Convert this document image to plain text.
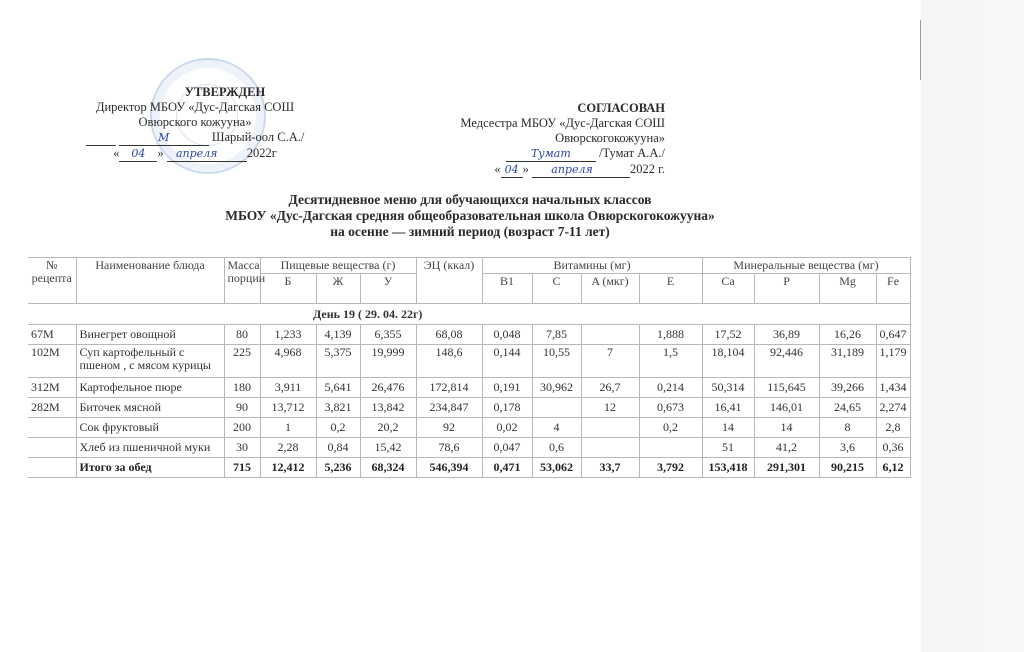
УТВЕРЖДЕН
Директор МБОУ «Дус-Дагская СОШ
Овюрского кожууна»
М	Шарый-оол С.А./
« 04 » апреля 2022г
СОГЛАСОВАН
Медсестра МБОУ «Дус-Дагская СОШ
Овюрскогокожууна»
Тумат /Тумат А.А./
« 04 » апреля	2022 г.
Десятидневное меню для обучающихся начальных классов
МБОУ «Дус-Дагская средняя общеобразовательная школа Овюрскогокожууна»
на осенне — зимний период (возраст 7-11 лет)
№ рецепта	Наименование блюда	Масса порции	Пищевые вещества (г)			ЭЦ (ккал)	Витамины (мг)				Минеральные вещества (мг)			
			Б	Ж	У		B1	C	A (мкг)	E	Ca	P	Mg	Fe
День 19 ( 29. 04. 22г)														
67М	Винегрет овощной	80	1,233	4,139	6,355	68,08	0,048	7,85		1,888	17,52	36,89	16,26	0,647
102М	Суп картофельный с пшеном , с мясом курицы	225	4,968	5,375	19,999	148,6	0,144	10,55	7	1,5	18,104	92,446	31,189	1,179
312М	Картофельное пюре	180	3,911	5,641	26,476	172,814	0,191	30,962	26,7	0,214	50,314	115,645	39,266	1,434
282М	Биточек мясной	90	13,712	3,821	13,842	234,847	0,178		12	0,673	16,41	146,01	24,65	2,274
	Сок фруктовый	200	1	0,2	20,2	92	0,02	4		0,2	14	14	8	2,8
	Хлеб из пшеничной муки	30	2,28	0,84	15,42	78,6	0,047	0,6			51	41,2	3,6	0,36
	Итого за обед	715	12,412	5,236	68,324	546,394	0,471	53,062	33,7	3,792	153,418	291,301	90,215	6,12
